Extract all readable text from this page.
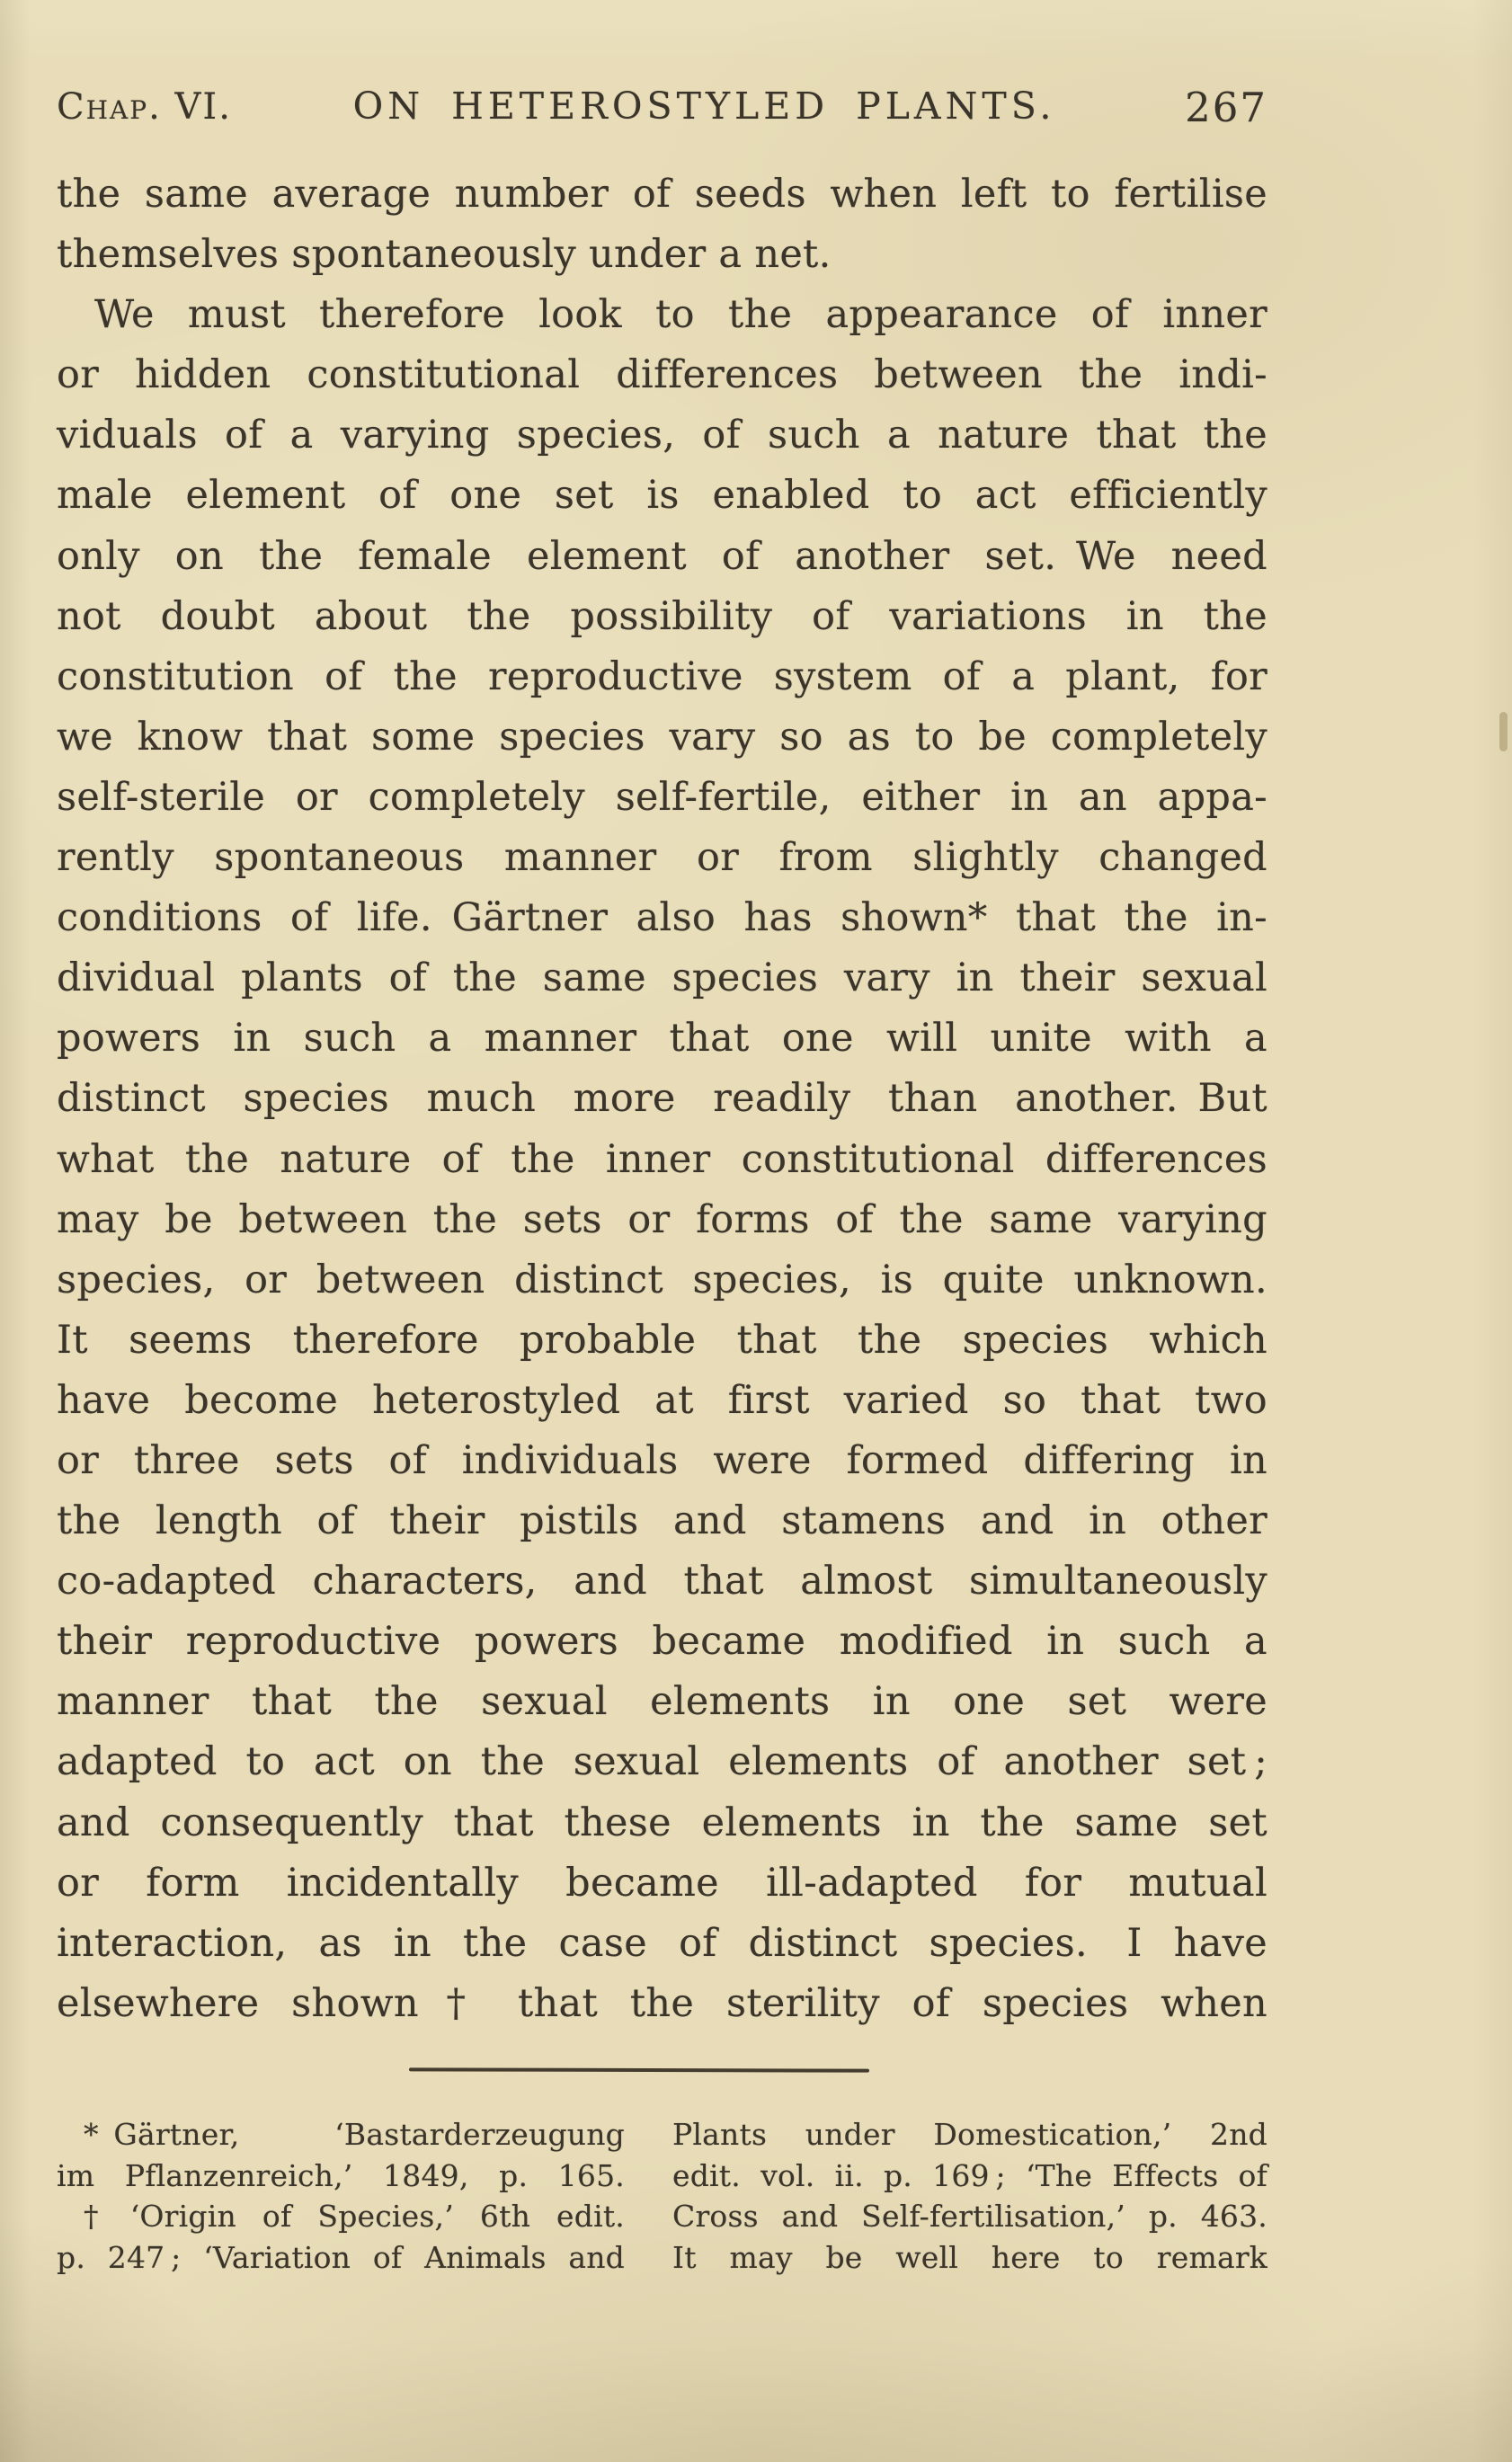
Chap. VI.	ON HETEROSTYLED PLANTS.	267
the same average number of seeds when left to fertilise
themselves spontaneously under a net.
We must therefore look to the appearance of inner
or hidden constitutional differences between the indi-
viduals of a varying species, of such a nature that the
male element of one set is enabled to act efficiently
only on the female element of another set. We need
not doubt about the possibility of variations in the
constitution of the reproductive system of a plant, for
we know that some species vary so as to be completely
self-sterile or completely self-fertile, either in an appa-
rently spontaneous manner or from slightly changed
conditions of life. Gärtner also has shown* that the in-
dividual plants of the same species vary in their sexual
powers in such a manner that one will unite with a
distinct species much more readily than another. But
what the nature of the inner constitutional differences
may be between the sets or forms of the same varying
species, or between distinct species, is quite unknown.
It seems therefore probable that the species which
have become heterostyled at first varied so that two
or three sets of individuals were formed differing in
the length of their pistils and stamens and in other
co-adapted characters, and that almost simultaneously
their reproductive powers became modified in such a
manner that the sexual elements in one set were
adapted to act on the sexual elements of another set ;
and consequently that these elements in the same set
or form incidentally became ill-adapted for mutual
interaction, as in the case of distinct species. I have
elsewhere shown † that the sterility of species when
* Gärtner, ‘Bastarderzeugung
im Pflanzenreich,’ 1849, p. 165.
† ‘Origin of Species,’ 6th edit.
p. 247 ; ‘Variation of Animals and
Plants under Domestication,’ 2nd
edit. vol. ii. p. 169 ; ‘The Effects of
Cross and Self-fertilisation,’ p. 463.
It may be well here to remark
